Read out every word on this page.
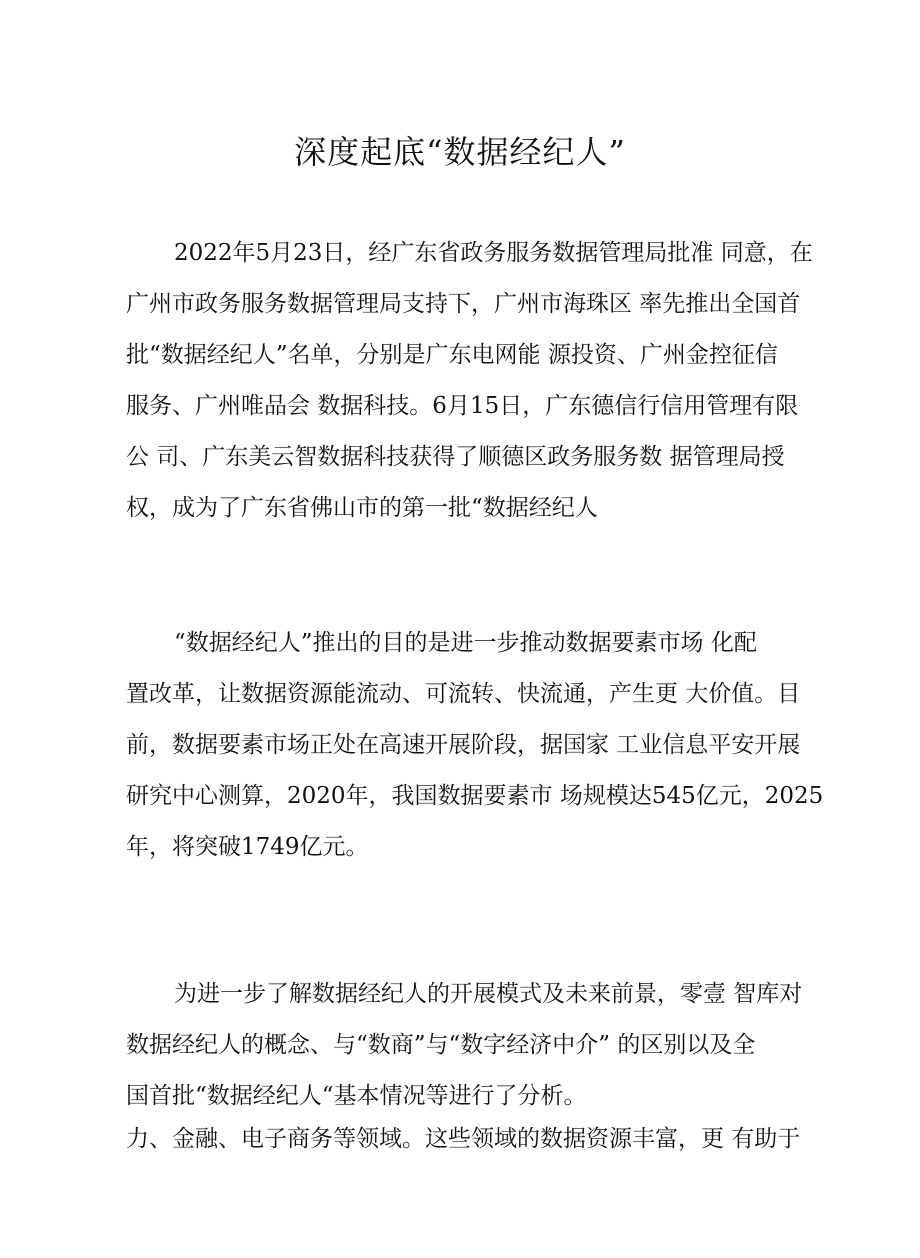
深度起底“数据经纪人”
2022年5月23日，经广东省政务服务数据管理局批准 同意，在
广州市政务服务数据管理局支持下，广州市海珠区 率先推出全国首
批“数据经纪人”名单，分别是广东电网能 源投资、广州金控征信
服务、广州唯品会 数据科技。6月15日，广东德信行信用管理有限
公 司、广东美云智数据科技获得了顺德区政务服务数 据管理局授
权，成为了广东省佛山市的第一批“数据经纪人
“数据经纪人”推出的目的是进一步推动数据要素市场 化配
置改革，让数据资源能流动、可流转、快流通，产生更 大价值。目
前，数据要素市场正处在高速开展阶段，据国家 工业信息平安开展
研究中心测算，2020年，我国数据要素市 场规模达545亿元，2025
年，将突破1749亿元。
为进一步了解数据经纪人的开展模式及未来前景，零壹 智库对
数据经纪人的概念、与“数商”与“数字经济中介” 的区别以及全
国首批“数据经纪人“基本情况等进行了分析。
力、金融、电子商务等领域。这些领域的数据资源丰富，更 有助于
